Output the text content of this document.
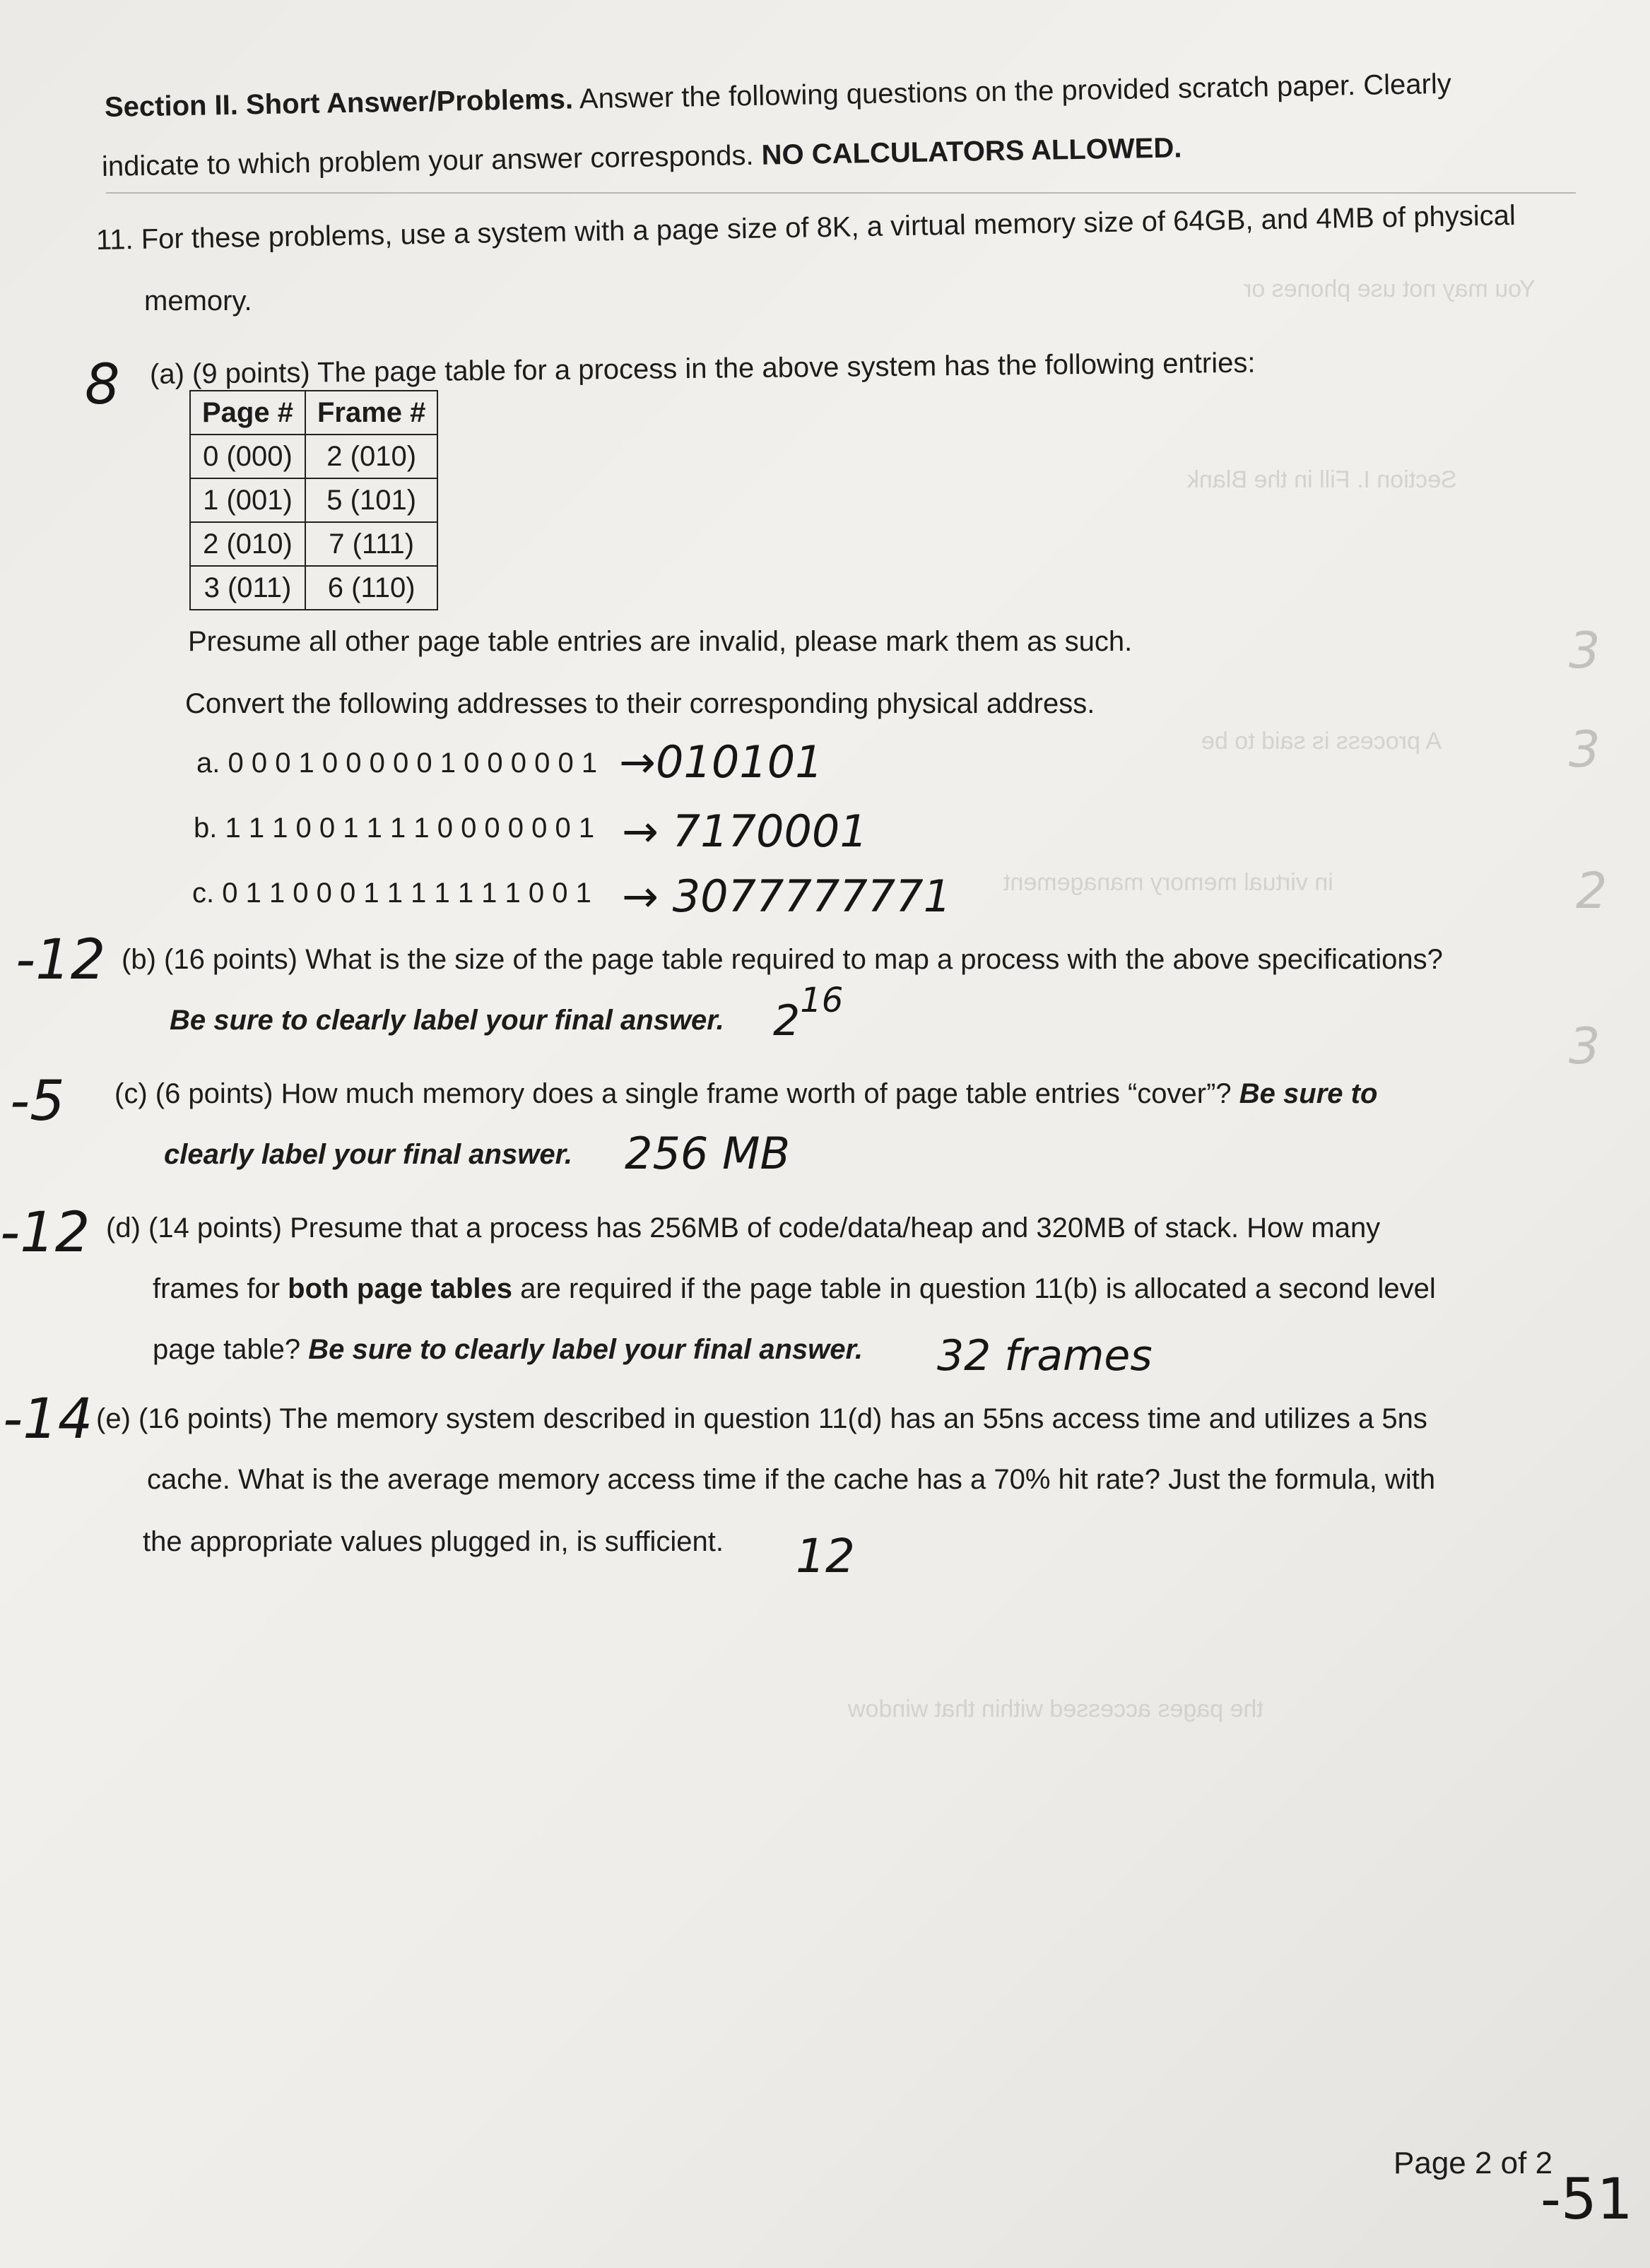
You may not use phones or
Section I. Fill in the Blank
A process is said to be
in virtual memory management
the pages accessed within that window
3
3
2
3
Section II. Short Answer/Problems. Answer the following questions on the provided scratch paper. Clearly
indicate to which problem your answer corresponds. NO CALCULATORS ALLOWED.
11. For these problems, use a system with a page size of 8K, a virtual memory size of 64GB, and 4MB of physical
memory.
8 (a) (9 points) The page table for a process in the above system has the following entries:
Page #	Frame #
0 (000)	2 (010)
1 (001)	5 (101)
2 (010)	7 (111)
3 (011)	6 (110)
Presume all other page table entries are invalid, please mark them as such.
Convert the following addresses to their corresponding physical address.
a. 0 0 0 1 0 0 0 0 0 1 0 0 0 0 0 1 →010101
b. 1 1 1 0 0 1 1 1 1 0 0 0 0 0 0 1 → 7170001
c. 0 1 1 0 0 0 1 1 1 1 1 1 1 0 0 1 → 3077777771
-12 (b) (16 points) What is the size of the page table required to map a process with the above specifications?
Be sure to clearly label your final answer. $2^{16}$
-5 (c) (6 points) How much memory does a single frame worth of page table entries “cover”? Be sure to
clearly label your final answer. 256 MB
-12 (d) (14 points) Presume that a process has 256MB of code/data/heap and 320MB of stack. How many
frames for both page tables are required if the page table in question 11(b) is allocated a second level
page table? Be sure to clearly label your final answer. 32 frames
-14 (e) (16 points) The memory system described in question 11(d) has an 55ns access time and utilizes a 5ns
cache. What is the average memory access time if the cache has a 70% hit rate? Just the formula, with
the appropriate values plugged in, is sufficient. 12
Page 2 of 2
-51
